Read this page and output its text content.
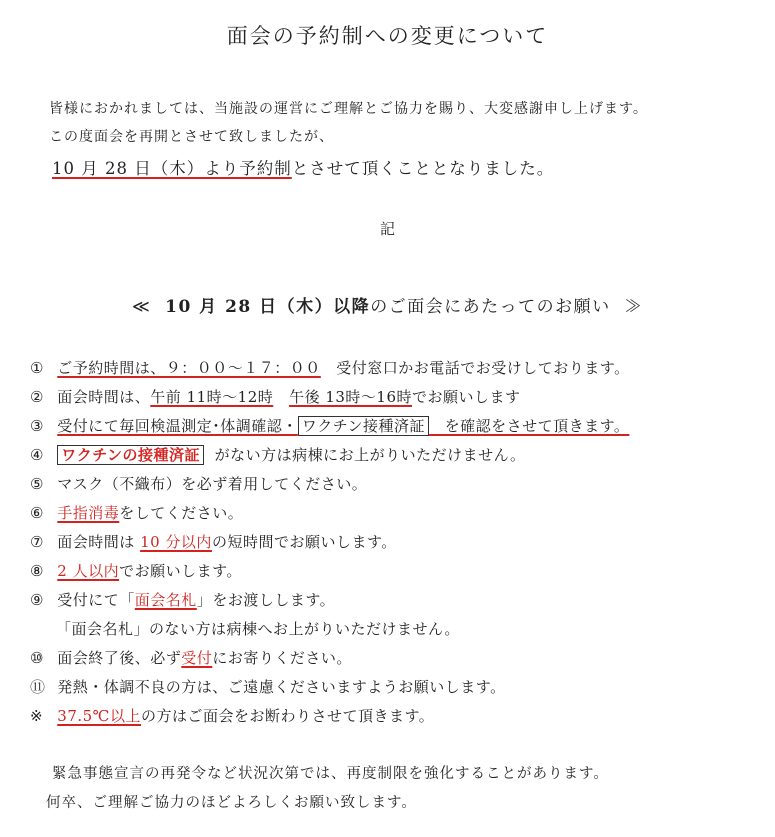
面会の予約制への変更について
皆様におかれましては、当施設の運営にご理解とご協力を賜り、大変感謝申し上げます。
この度面会を再開とさせて致しましたが、
10 月 28 日（木）より予約制とさせて頂くこととなりました。
記
≪ 10 月 28 日（木）以降のご面会にあたってのお願い ≫
① ご予約時間は、９：００～１７：００　受付窓口かお電話でお受けしております。
② 面会時間は、午前 11時～12時 午後 13時～16時でお願いします
③ 受付にて毎回検温測定･体調確認・ ワクチン接種済証　を確認をさせて頂きます。
④ ワクチンの接種済証 がない方は病棟にお上がりいただけません。
⑤ マスク（不織布）を必ず着用してください。
⑥ 手指消毒をしてください。
⑦ 面会時間は 10 分以内の短時間でお願いします。
⑧ 2 人以内でお願いします。
⑨ 受付にて「面会名札」をお渡しします。
「面会名札」のない方は病棟へお上がりいただけません。
⑩ 面会終了後、必ず受付にお寄りください。
⑪ 発熱・体調不良の方は、ご遠慮くださいますようお願いします。
※ 37.5℃以上の方はご面会をお断わりさせて頂きます。
緊急事態宣言の再発令など状況次第では、再度制限を強化することがあります。
何卒、ご理解ご協力のほどよろしくお願い致します。
